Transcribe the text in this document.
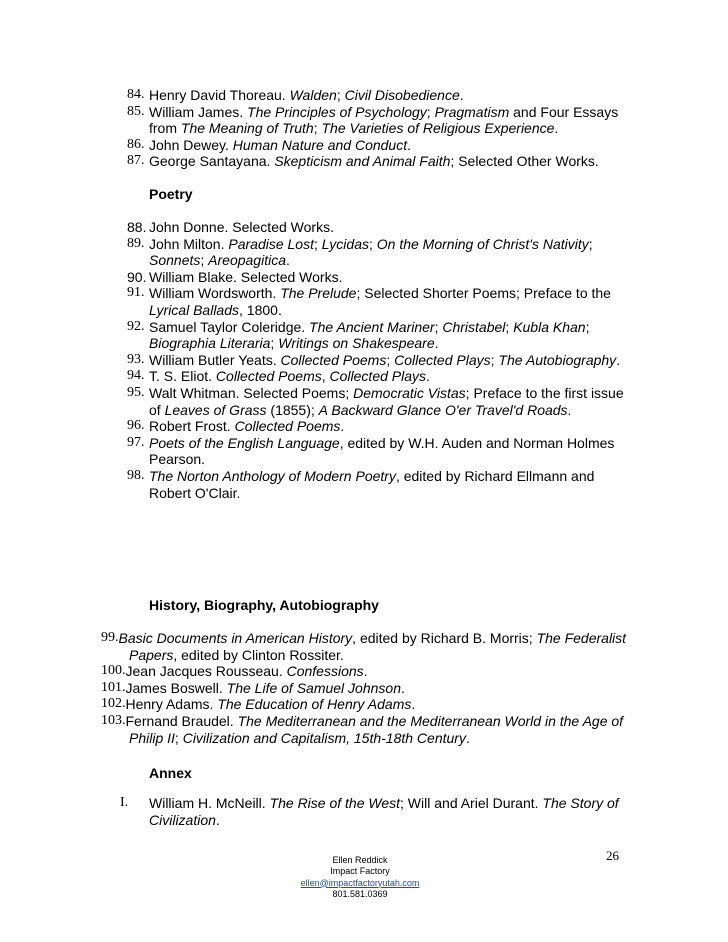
84. Henry David Thoreau. Walden; Civil Disobedience.
85. William James. The Principles of Psychology; Pragmatism and Four Essays from The Meaning of Truth; The Varieties of Religious Experience.
86. John Dewey. Human Nature and Conduct.
87. George Santayana. Skepticism and Animal Faith; Selected Other Works.
Poetry
88. John Donne. Selected Works.
89. John Milton. Paradise Lost; Lycidas; On the Morning of Christ's Nativity; Sonnets; Areopagitica.
90. William Blake. Selected Works.
91. William Wordsworth. The Prelude; Selected Shorter Poems; Preface to the Lyrical Ballads, 1800.
92. Samuel Taylor Coleridge. The Ancient Mariner; Christabel; Kubla Khan; Biographia Literaria; Writings on Shakespeare.
93. William Butler Yeats. Collected Poems; Collected Plays; The Autobiography.
94. T. S. Eliot. Collected Poems, Collected Plays.
95. Walt Whitman. Selected Poems; Democratic Vistas; Preface to the first issue of Leaves of Grass (1855); A Backward Glance O'er Travel'd Roads.
96. Robert Frost. Collected Poems.
97. Poets of the English Language, edited by W.H. Auden and Norman Holmes Pearson.
98. The Norton Anthology of Modern Poetry, edited by Richard Ellmann and Robert O'Clair.
History, Biography, Autobiography
99. Basic Documents in American History, edited by Richard B. Morris; The Federalist Papers, edited by Clinton Rossiter.
100. Jean Jacques Rousseau. Confessions.
101. James Boswell. The Life of Samuel Johnson.
102. Henry Adams. The Education of Henry Adams.
103. Fernand Braudel. The Mediterranean and the Mediterranean World in the Age of Philip II; Civilization and Capitalism, 15th-18th Century.
Annex
I. William H. McNeill. The Rise of the West; Will and Ariel Durant. The Story of Civilization.
26
Ellen Reddick
Impact Factory
ellen@impactfactoryutah.com
801.581.0369
